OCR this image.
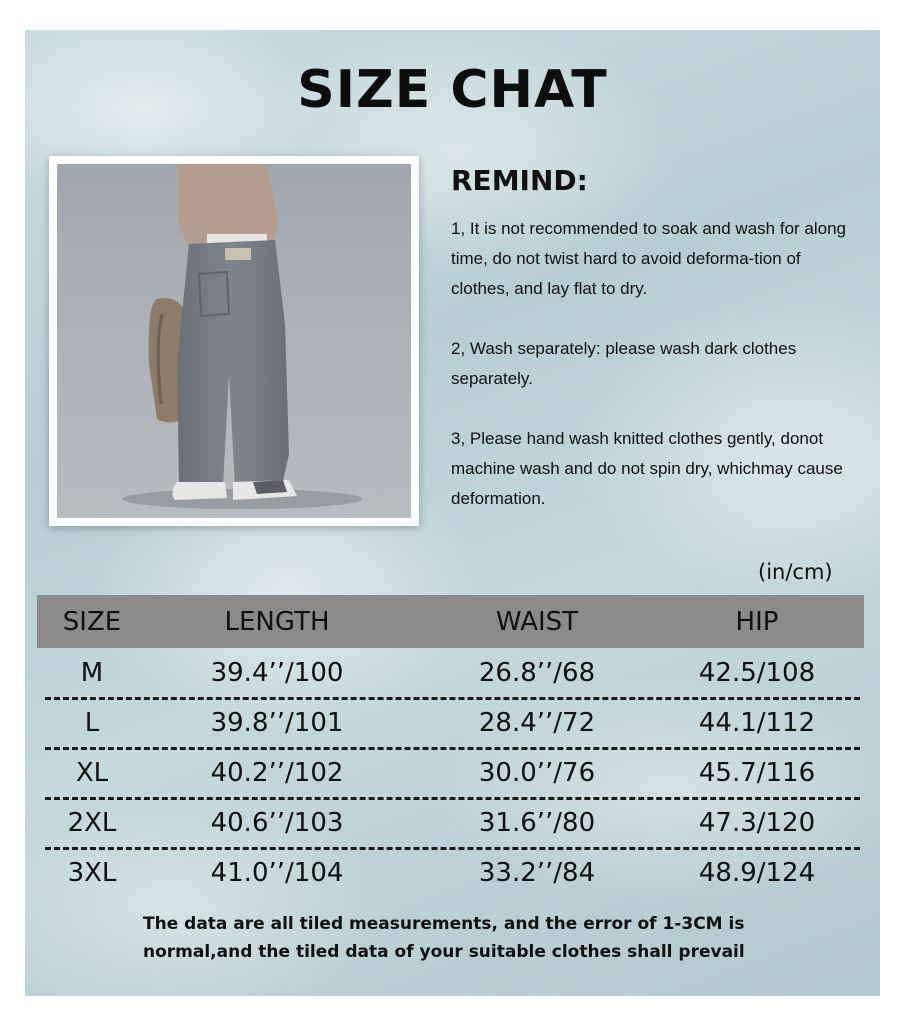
SIZE CHAT
REMIND:
1, It is not recommended to soak and wash for along time, do not twist hard to avoid deforma-tion of clothes, and lay flat to dry.
2, Wash separately: please wash dark clothes separately.
3, Please hand wash knitted clothes gently, donot machine wash and do not spin dry, whichmay cause deformation.
(in/cm)
SIZE	LENGTH	WAIST	HIP
M	39.4’’/100	26.8’’/68	42.5/108
L	39.8’’/101	28.4’’/72	44.1/112
XL	40.2’’/102	30.0’’/76	45.7/116
2XL	40.6’’/103	31.6’’/80	47.3/120
3XL	41.0’’/104	33.2’’/84	48.9/124
The data are all tiled measurements, and the error of 1-3CM is normal,and the tiled data of your suitable clothes shall prevail
